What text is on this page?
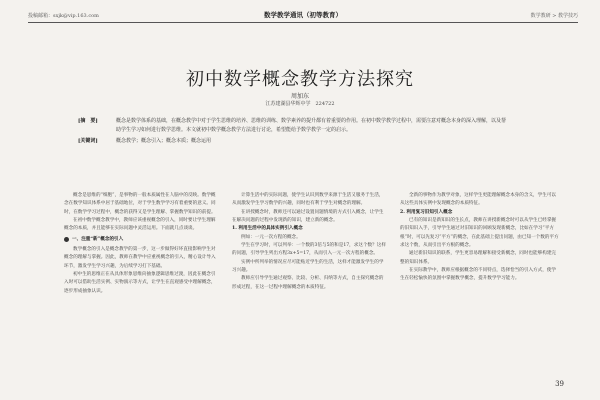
投稿邮箱：sxjk@vip.163.com	数学教学通讯（初等教育）	数学教研 > 教学技巧
初中数学概念教学方法探究
周加东
江苏建湖县华辉中学　224722
[摘　要]	概念是数学体系的基础，在概念教学中对于学生思维的培养、思维的训练、数学素养的提升都有着重要的作用。在初中数学教学过程中，需要注意对概念本身的深入理解，以及帮助学生学习如何进行数学思维。本文就初中数学概念教学方法进行讨论，希望能给予数学教学一定的启示。
[关键词]	概念教学；概念引入；概念本质；概念运用

概念是思维的“细胞”，是事物的一般本质属性在人脑中的反映。数学概念在数学知识体系中居于基础地位，对于学生数学学习有着重要的意义。同时，在数学学习过程中，概念的获得又是学生理解、掌握数学知识的前提。

在初中数学概念教学中，教师应该重视概念的引入，同时要让学生理解概念的本质，并且能够在实际问题中灵活运用。下面就几点谈谈。

一、注重“新”概念的引入

数学概念的引入是概念教学的第一步，这一步做得好坏直接影响学生对概念的理解与掌握。因此，教师在教学中应重视概念的引入，精心设计导入环节，激发学生学习兴趣，为后续学习打下基础。

初中生的思维正在从具体形象思维向抽象逻辑思维过渡，因此在概念引入时可以借助生活实例、实物演示等方式，让学生在直观感受中理解概念，逐步形成抽象认识。

计算生活中的实际问题，使学生认识到数学来源于生活又服务于生活，从而激发学生学习数学的兴趣，同时也有利于学生对概念的理解。

在讲授概念时，教师还可以通过设置问题情境的方式引入概念，让学生在解决问题的过程中发现新的知识，建立新的概念。

1. 利用生活中的具体实例引入概念

例如：一元一次方程的概念。

学生在学习时，可以列举：一个数的3倍与5的和是17，求这个数？这样的问题，引导学生列出方程3x+5=17，从而引入一元一次方程的概念。

实例中所列举的情况应尽可能贴近学生的生活，这样才能激发学生的学习兴趣。

教师应引导学生通过观察、比较、分析、归纳等方式，自主探究概念的形成过程，在这一过程中理解概念的本质特征。

全新的事物作为教学对象，这样学生更能理解概念本身的含义，学生可以从这些具体实例中发现概念的本质特征。

2. 利用复习旧知引入概念

已有的知识是新知识的生长点，教师在讲授新概念时可以从学生已经掌握的旧知识入手，引导学生通过对旧知识的回顾发现新概念，比如在学习“平方根”时，可以先复习“平方”的概念，在此基础上提出问题，由已知一个数的平方求这个数，从而引出平方根的概念。

通过新旧知识的联系，学生更容易理解和接受新概念，同时也能够构建完整的知识体系。

在实际教学中，教师应根据概念的不同特点，选择恰当的引入方式，使学生在轻松愉快的氛围中掌握数学概念，提升数学学习能力。

39
